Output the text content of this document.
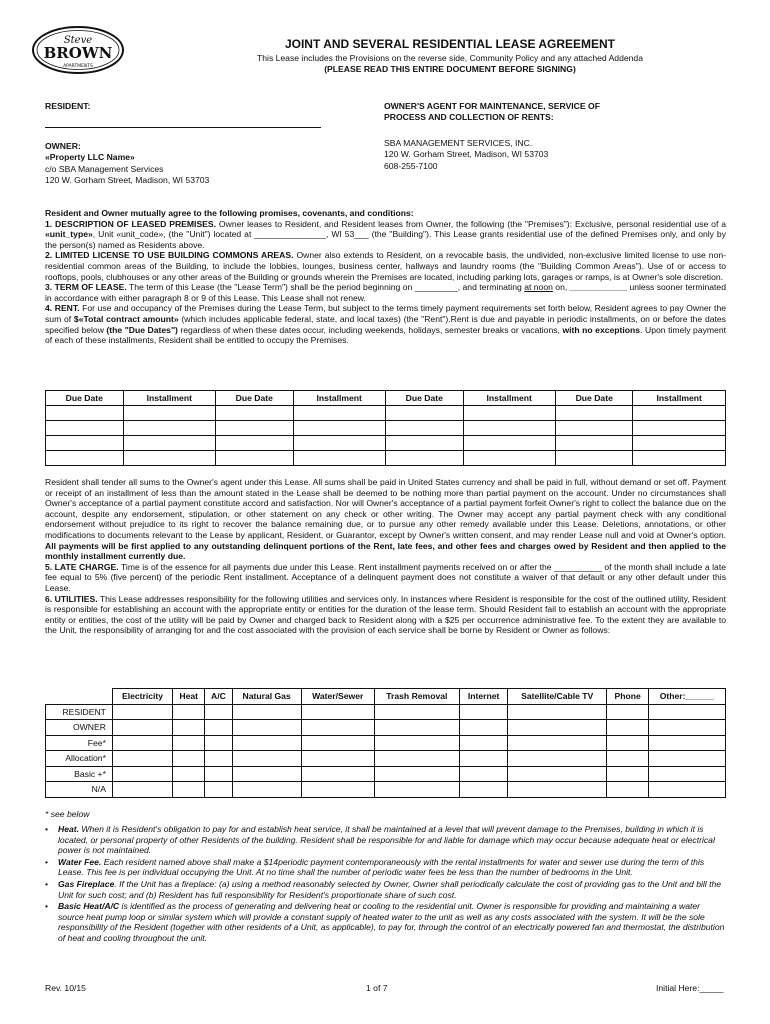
Steve
BROWN
APARTMENTS
JOINT AND SEVERAL RESIDENTIAL LEASE AGREEMENT
This Lease includes the Provisions on the reverse side, Community Policy and any attached Addenda
(PLEASE READ THIS ENTIRE DOCUMENT BEFORE SIGNING)
RESIDENT:
OWNER:
«Property LLC Name»
c/o SBA Management Services
120 W. Gorham Street, Madison, WI 53703
OWNER'S AGENT FOR MAINTENANCE, SERVICE OF
PROCESS AND COLLECTION OF RENTS:
SBA MANAGEMENT SERVICES, INC.
120 W. Gorham Street, Madison, WI 53703
608-255-7100

Resident and Owner mutually agree to the following promises, covenants, and conditions:

1. DESCRIPTION OF LEASED PREMISES. Owner leases to Resident, and Resident leases from Owner, the following (the "Premises"): Exclusive, personal residential use of a «unit_type», Unit «unit_code», (the "Unit") located at _______________, WI 53___ (the "Building"). This Lease grants residential use of the defined Premises only, and only by the person(s) named as Residents above.

2. LIMITED LICENSE TO USE BUILDING COMMONS AREAS. Owner also extends to Resident, on a revocable basis, the undivided, non-exclusive limited license to use non-residential common areas of the Building, to include the lobbies, lounges, business center, hallways and laundry rooms (the "Building Common Areas"). Use of or access to rooftops, pools, clubhouses or any other areas of the Building or grounds wherein the Premises are located, including parking lots, garages or ramps, is at Owner's sole discretion.

3. TERM OF LEASE. The term of this Lease (the "Lease Term") shall be the period beginning on _________, and terminating at noon on, ____________ unless sooner terminated in accordance with either paragraph 8 or 9 of this Lease. This Lease shall not renew.

4. RENT. For use and occupancy of the Premises during the Lease Term, but subject to the terms timely payment requirements set forth below, Resident agrees to pay Owner the sum of $«Total contract amount» (which includes applicable federal, state, and local taxes) (the "Rent").Rent is due and payable in periodic installments, on or before the dates specified below (the "Due Dates") regardless of when these dates occur, including weekends, holidays, semester breaks or vacations, with no exceptions. Upon timely payment of each of these installments, Resident shall be entitled to occupy the Premises.

Due Date	Installment	Due Date	Installment	Due Date	Installment	Due Date	Installment

Resident shall tender all sums to the Owner's agent under this Lease. All sums shall be paid in United States currency and shall be paid in full, without demand or set off. Payment or receipt of an installment of less than the amount stated in the Lease shall be deemed to be nothing more than partial payment on the account. Under no circumstances shall Owner's acceptance of a partial payment constitute accord and satisfaction. Nor will Owner's acceptance of a partial payment forfeit Owner's right to collect the balance due on the account, despite any endorsement, stipulation, or other statement on any check or other writing. The Owner may accept any partial payment check with any conditional endorsement without prejudice to its right to recover the balance remaining due, or to pursue any other remedy available under this Lease. Deletions, annotations, or other modifications to documents relevant to the Lease by applicant, Resident, or Guarantor, except by Owner's written consent, and may render Lease null and void at Owner's option. All payments will be first applied to any outstanding delinquent portions of the Rent, late fees, and other fees and charges owed by Resident and then applied to the monthly installment currently due.

5. LATE CHARGE. Time is of the essence for all payments due under this Lease. Rent installment payments received on or after the __________ of the month shall include a late fee equal to 5% (five percent) of the periodic Rent installment. Acceptance of a delinquent payment does not constitute a waiver of that default or any other default under this Lease.

6. UTILITIES. This Lease addresses responsibility for the following utilities and services only. In instances where Resident is responsible for the cost of the outlined utility, Resident is responsible for establishing an account with the appropriate entity or entities for the duration of the lease term. Should Resident fail to establish an account with the appropriate entity or entities, the cost of the utility will be paid by Owner and charged back to Resident along with a $25 per occurrence administrative fee. To the extent they are available to the Unit, the responsibility of arranging for and the cost associated with the provision of each service shall be borne by Resident or Owner as follows:

	Electricity	Heat	A/C	Natural Gas	Water/Sewer	Trash Removal	Internet	Satellite/Cable TV	Phone	Other:______
RESIDENT										
OWNER										
Fee*										
Allocation*										
Basic +*										
N/A										
* see below
• Heat. When it is Resident's obligation to pay for and establish heat service, it shall be maintained at a level that will prevent damage to the Premises, building in which it is located, or personal property of other Residents of the building. Resident shall be responsible for and liable for damage which may occur because adequate heat or electrical power is not maintained.
• Water Fee. Each resident named above shall make a $14periodic payment contemporaneously with the rental installments for water and sewer use during the term of this Lease. This fee is per individual occupying the Unit. At no time shall the number of periodic water fees be less than the number of bedrooms in the Unit.
• Gas Fireplace. If the Unit has a fireplace: (a) using a method reasonably selected by Owner, Owner shall periodically calculate the cost of providing gas to the Unit and bill the Unit for such cost; and (b) Resident has full responsibility for Resident's proportionate share of such cost.
• Basic Heat/A/C is identified as the process of generating and delivering heat or cooling to the residential unit. Owner is responsible for providing and maintaining a water source heat pump loop or similar system which will provide a constant supply of heated water to the unit as well as any costs associated with the system. It will be the sole responsibility of the Resident (together with other residents of a Unit, as applicable), to pay for, through the control of an electrically powered fan and thermostat, the distribution of heat and cooling throughout the unit.
Rev. 10/15	1 of 7	Initial Here:_____
